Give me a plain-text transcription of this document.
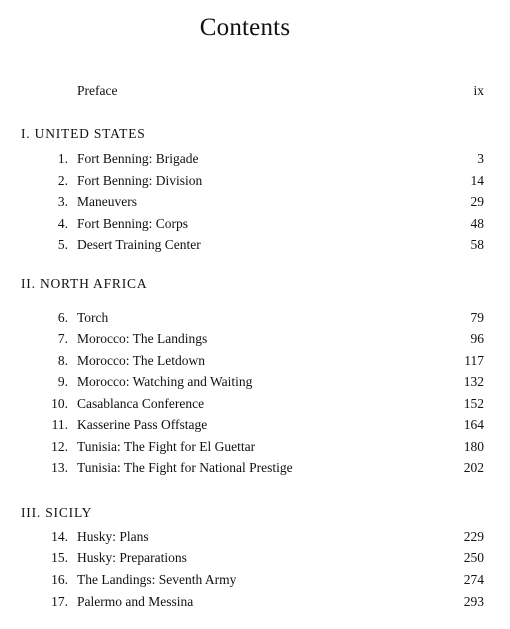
Contents
Preface	ix
I. UNITED STATES
1. Fort Benning: Brigade	3
2. Fort Benning: Division	14
3. Maneuvers	29
4. Fort Benning: Corps	48
5. Desert Training Center	58
II. NORTH AFRICA
6. Torch	79
7. Morocco: The Landings	96
8. Morocco: The Letdown	117
9. Morocco: Watching and Waiting	132
10. Casablanca Conference	152
11. Kasserine Pass Offstage	164
12. Tunisia: The Fight for El Guettar	180
13. Tunisia: The Fight for National Prestige	202
III. SICILY
14. Husky: Plans	229
15. Husky: Preparations	250
16. The Landings: Seventh Army	274
17. Palermo and Messina	293
